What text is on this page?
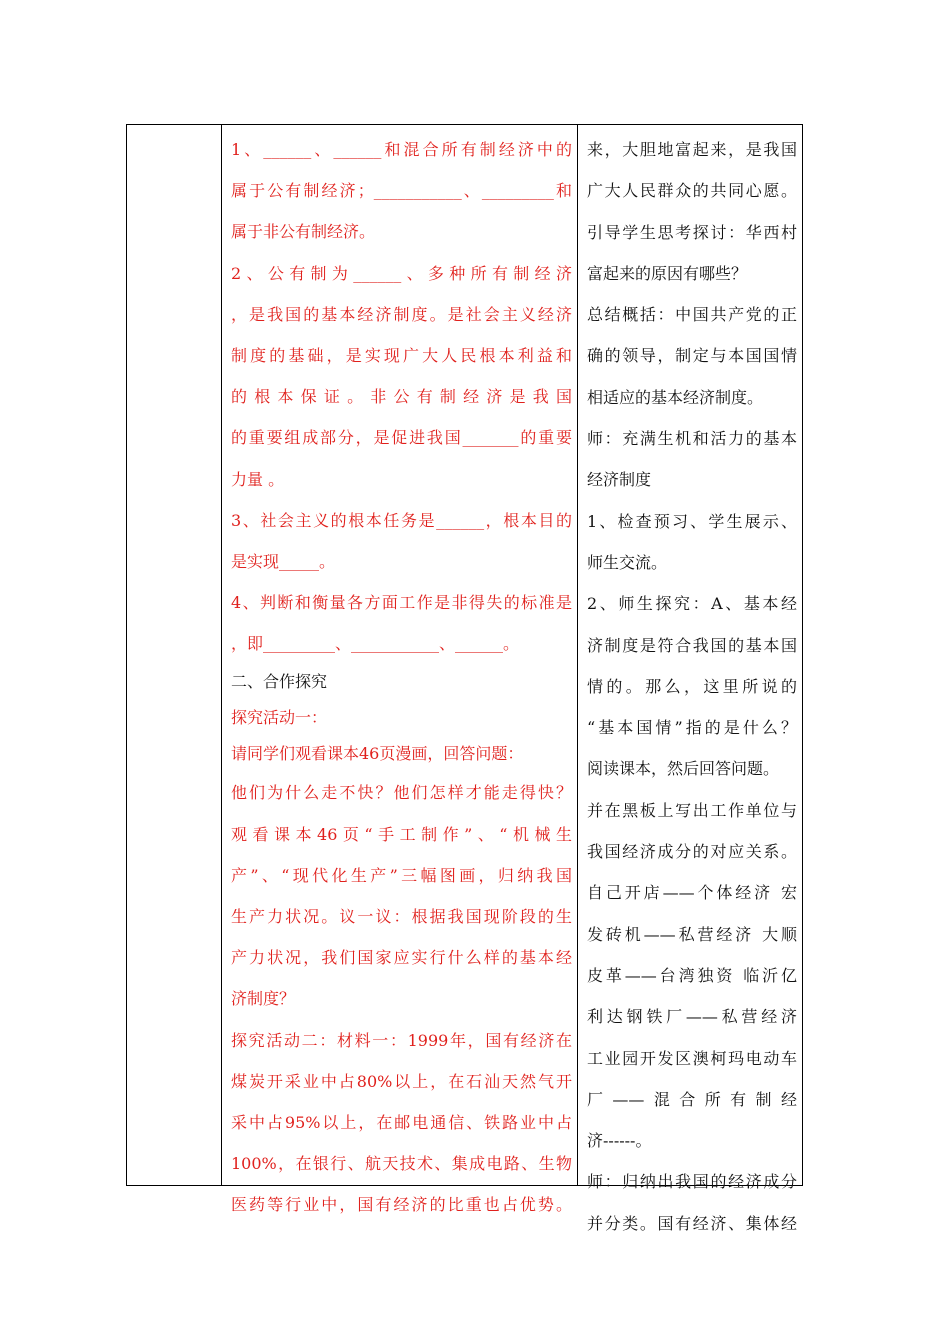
1、______、______和混合所有制经济中的
属于公有制经济；___________、_________和
属于非公有制经济。
2、公有制为______、多种所有制经济
，是我国的基本经济制度。是社会主义经济
制度的基础，是实现广大人民根本利益和
的根本保证。非公有制经济是我国
的重要组成部分，是促进我国_______的重要
力量 。
3、社会主义的根本任务是______，根本目的
是实现_____。
4、判断和衡量各方面工作是非得失的标准是
，即_________、___________、______。
二、合作探究
探究活动一：
请同学们观看课本46页漫画，回答问题：
他们为什么走不快？他们怎样才能走得快？
观看课本46页“手工制作”、“机械生
产”、“现代化生产”三幅图画，归纳我国
生产力状况。议一议：根据我国现阶段的生
产力状况，我们国家应实行什么样的基本经
济制度？
探究活动二：材料一：1999年，国有经济在
煤炭开采业中占80%以上，在石汕天然气开
采中占95%以上，在邮电通信、铁路业中占
100%，在银行、航天技术、集成电路、生物
医药等行业中，国有经济的比重也占优势。
来，大胆地富起来，是我国
广大人民群众的共同心愿。
引导学生思考探讨：华西村
富起来的原因有哪些？
总结概括：中国共产党的正
确的领导，制定与本国国情
相适应的基本经济制度。
师：充满生机和活力的基本
经济制度
1、检查预习、学生展示、
师生交流。
2、师生探究：A、基本经
济制度是符合我国的基本国
情的。那么，这里所说的
“基本国情”指的是什么？
阅读课本，然后回答问题。
并在黑板上写出工作单位与
我国经济成分的对应关系。
自己开店——个体经济 宏
发砖机——私营经济 大顺
皮革——台湾独资 临沂亿
利达钢铁厂——私营经济
工业园开发区澳柯玛电动车
厂——混合所有制经
济------。
师：归纳出我国的经济成分
并分类。国有经济、集体经
